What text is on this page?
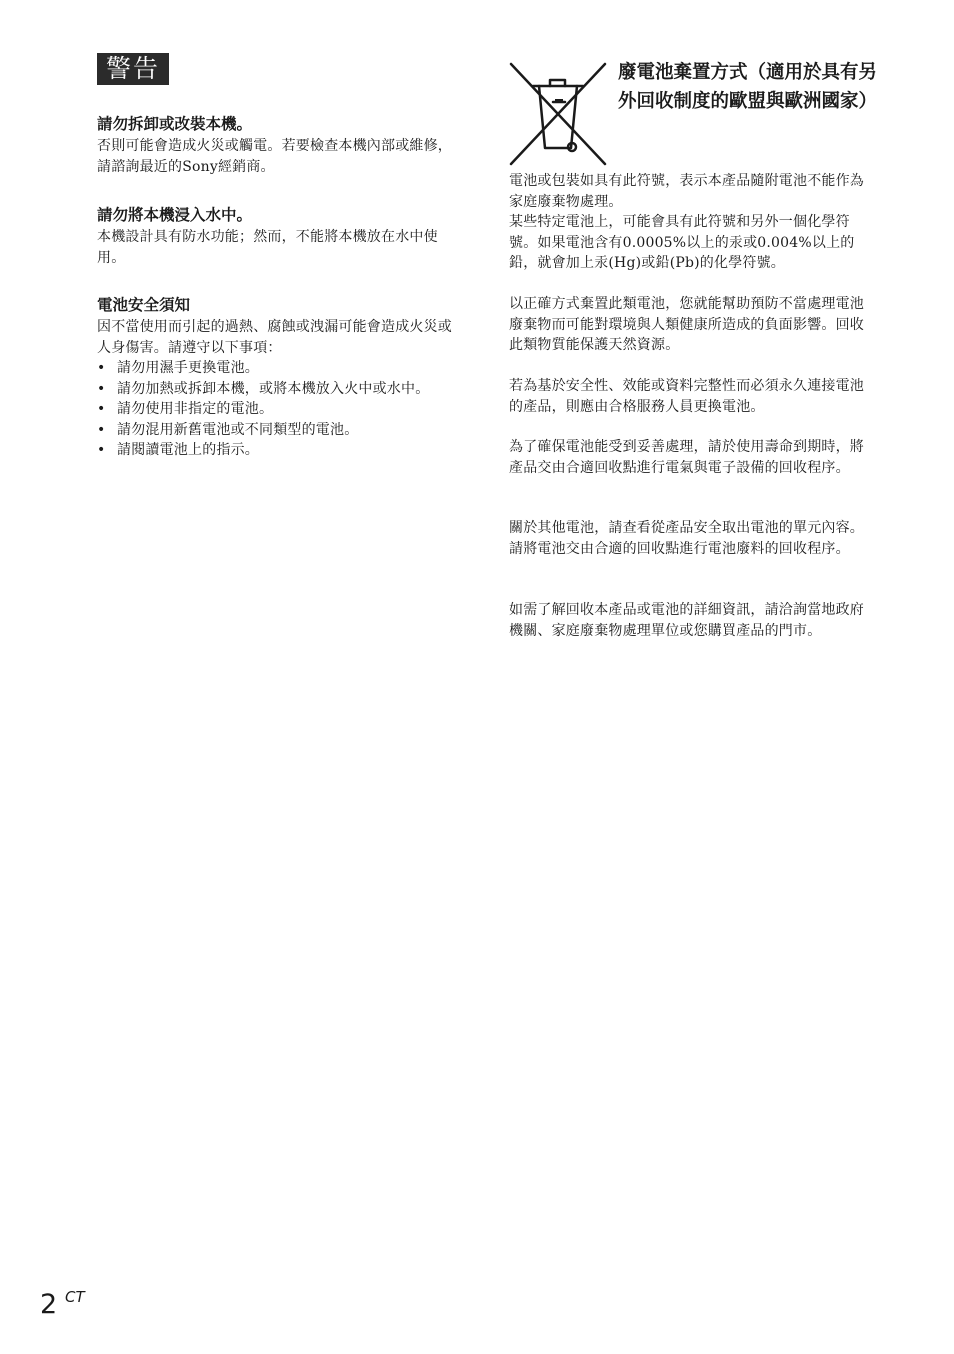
警告
請勿拆卸或改裝本機。

否則可能會造成火災或觸電。若要檢查本機內部或維修，請諮詢最近的Sony經銷商。

請勿將本機浸入水中。

本機設計具有防水功能；然而，不能將本機放在水中使用。

電池安全須知

因不當使用而引起的過熱、腐蝕或洩漏可能會造成火災或人身傷害。請遵守以下事項：

• 請勿用濕手更換電池。
• 請勿加熱或拆卸本機，或將本機放入火中或水中。
• 請勿使用非指定的電池。
• 請勿混用新舊電池或不同類型的電池。
• 請閱讀電池上的指示。
廢電池棄置方式（適用於具有另外回收制度的歐盟與歐洲國家）

電池或包裝如具有此符號，表示本產品隨附電池不能作為家庭廢棄物處理。

某些特定電池上，可能會具有此符號和另外一個化學符號。如果電池含有0.0005%以上的汞或0.004%以上的鉛，就會加上汞(Hg)或鉛(Pb)的化學符號。

以正確方式棄置此類電池，您就能幫助預防不當處理電池廢棄物而可能對環境與人類健康所造成的負面影響。回收此類物質能保護天然資源。

若為基於安全性、效能或資料完整性而必須永久連接電池的產品，則應由合格服務人員更換電池。

為了確保電池能受到妥善處理，請於使用壽命到期時，將產品交由合適回收點進行電氣與電子設備的回收程序。

關於其他電池，請查看從產品安全取出電池的單元內容。請將電池交由合適的回收點進行電池廢料的回收程序。

如需了解回收本產品或電池的詳細資訊，請洽詢當地政府機關、家庭廢棄物處理單位或您購買產品的門市。

2 CT
